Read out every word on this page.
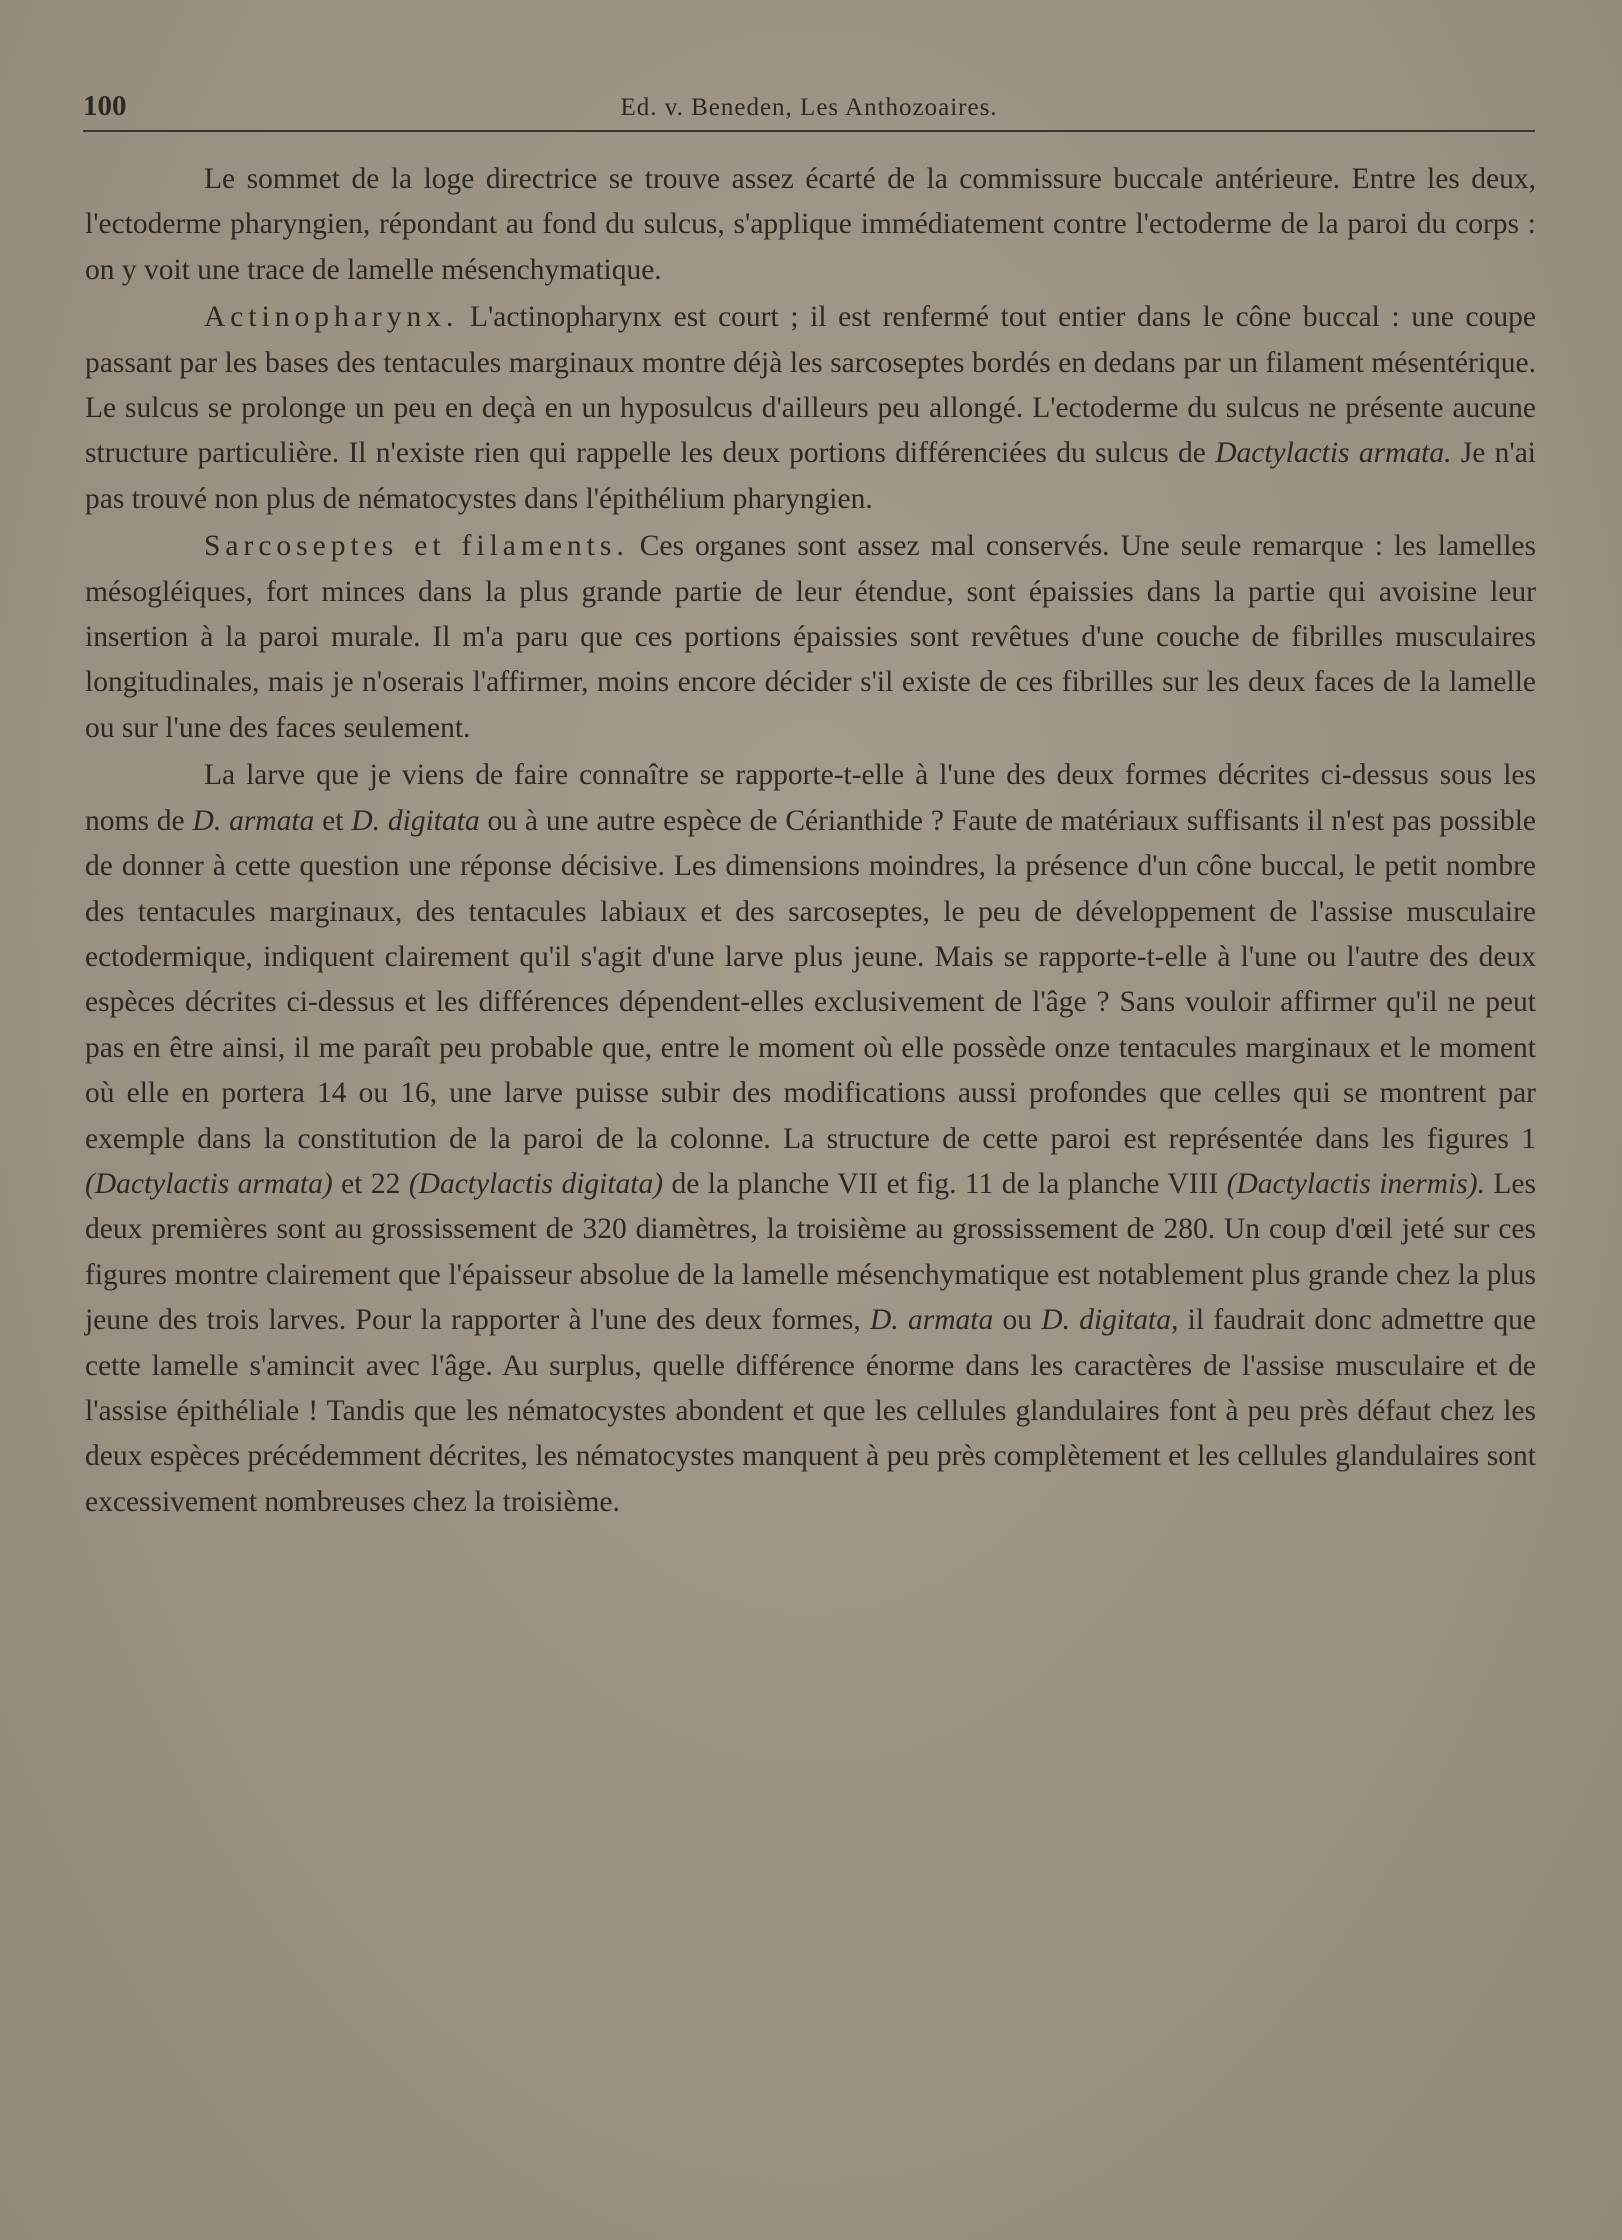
100	Ed. v. Beneden, Les Anthozoaires.

Le sommet de la loge directrice se trouve assez écarté de la commissure buccale antérieure. Entre les deux, l'ectoderme pharyngien, répondant au fond du sulcus, s'applique immédiatement contre l'ectoderme de la paroi du corps : on y voit une trace de lamelle mésenchymatique.

Actinopharynx. L'actinopharynx est court ; il est renfermé tout entier dans le cône buccal : une coupe passant par les bases des tentacules marginaux montre déjà les sarcoseptes bordés en dedans par un filament mésentérique. Le sulcus se prolonge un peu en deçà en un hyposulcus d'ailleurs peu allongé. L'ectoderme du sulcus ne présente aucune structure particulière. Il n'existe rien qui rappelle les deux portions différenciées du sulcus de Dactylactis armata. Je n'ai pas trouvé non plus de nématocystes dans l'épithélium pharyngien.

Sarcoseptes et filaments. Ces organes sont assez mal conservés. Une seule remarque : les lamelles mésogléiques, fort minces dans la plus grande partie de leur étendue, sont épaissies dans la partie qui avoisine leur insertion à la paroi murale. Il m'a paru que ces portions épaissies sont revêtues d'une couche de fibrilles musculaires longitudinales, mais je n'oserais l'affirmer, moins encore décider s'il existe de ces fibrilles sur les deux faces de la lamelle ou sur l'une des faces seulement.

La larve que je viens de faire connaître se rapporte-t-elle à l'une des deux formes décrites ci-dessus sous les noms de D. armata et D. digitata ou à une autre espèce de Cérianthide ? Faute de matériaux suffisants il n'est pas possible de donner à cette question une réponse décisive. Les dimensions moindres, la présence d'un cône buccal, le petit nombre des tentacules marginaux, des tentacules labiaux et des sarcoseptes, le peu de développement de l'assise musculaire ectodermique, indiquent clairement qu'il s'agit d'une larve plus jeune. Mais se rapporte-t-elle à l'une ou l'autre des deux espèces décrites ci-dessus et les différences dépendent-elles exclusivement de l'âge ? Sans vouloir affirmer qu'il ne peut pas en être ainsi, il me paraît peu probable que, entre le moment où elle possède onze tentacules marginaux et le moment où elle en portera 14 ou 16, une larve puisse subir des modifications aussi profondes que celles qui se montrent par exemple dans la constitution de la paroi de la colonne. La structure de cette paroi est représentée dans les figures 1 (Dactylactis armata) et 22 (Dactylactis digitata) de la planche VII et fig. 11 de la planche VIII (Dactylactis inermis). Les deux premières sont au grossissement de 320 diamètres, la troisième au grossissement de 280. Un coup d'œil jeté sur ces figures montre clairement que l'épaisseur absolue de la lamelle mésenchymatique est notablement plus grande chez la plus jeune des trois larves. Pour la rapporter à l'une des deux formes, D. armata ou D. digitata, il faudrait donc admettre que cette lamelle s'amincit avec l'âge. Au surplus, quelle différence énorme dans les caractères de l'assise musculaire et de l'assise épithéliale ! Tandis que les nématocystes abondent et que les cellules glandulaires font à peu près défaut chez les deux espèces précédemment décrites, les nématocystes manquent à peu près complètement et les cellules glandulaires sont excessivement nombreuses chez la troisième.
